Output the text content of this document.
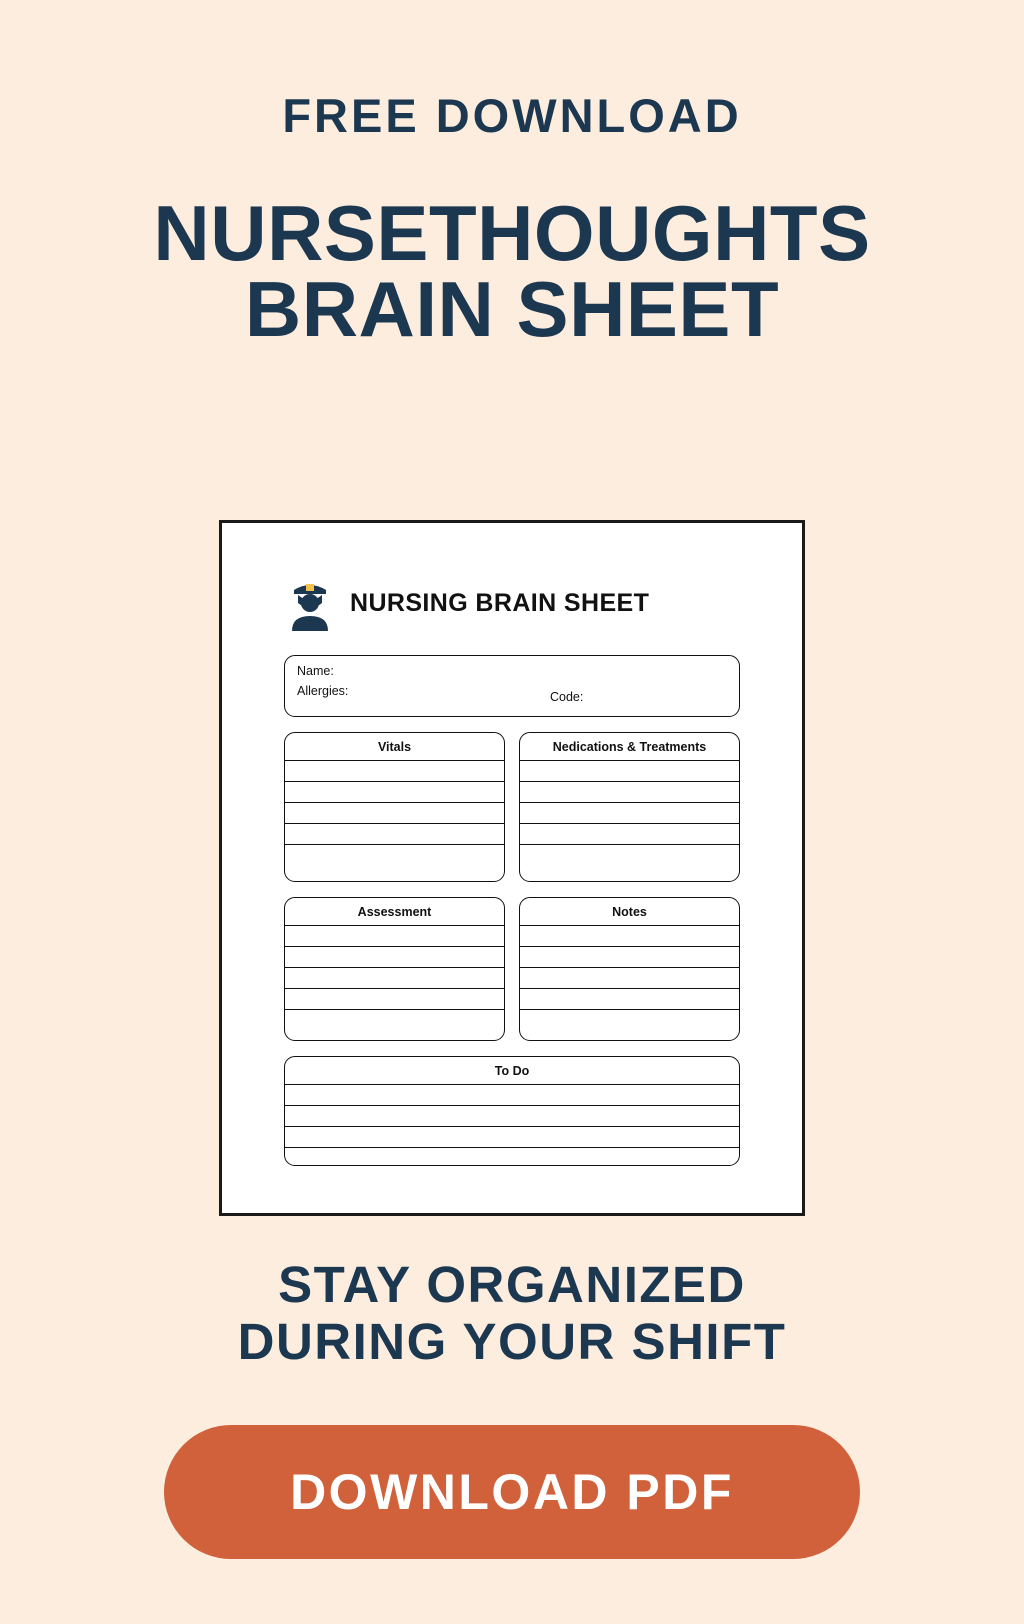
FREE DOWNLOAD
NURSETHOUGHTS
BRAIN SHEET
NURSING BRAIN SHEET
Name:
Allergies:	Code:
Vitals	Nedications & Treatments
Assessment	Notes
To Do
STAY ORGANIZED
DURING YOUR SHIFT
DOWNLOAD PDF
